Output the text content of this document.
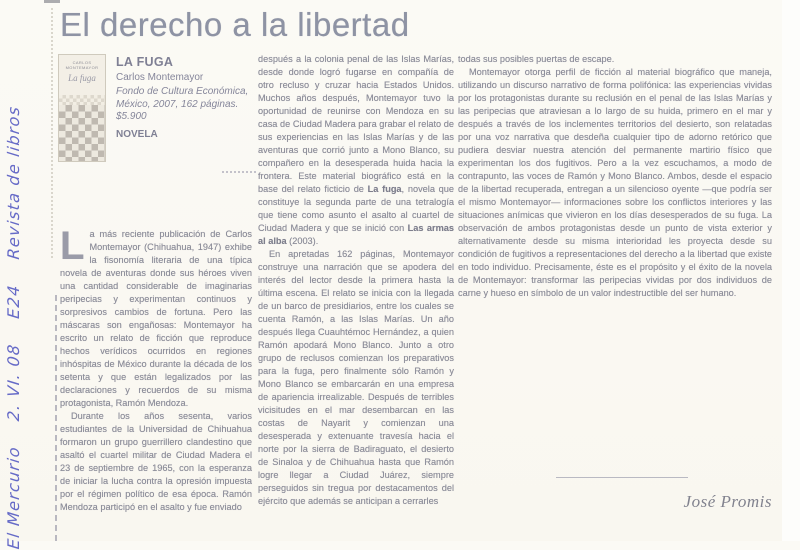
El Mercurio    2. VI. 08    E24    Revista de libros
El derecho a la libertad
CARLOS MONTEMAYOR
La fuga
LA FUGA
Carlos Montemayor
Fondo de Cultura Económica,
México, 2007, 162 páginas.
$5.900
NOVELA

La más reciente publicación de Carlos Montemayor (Chihuahua, 1947) exhibe la fisonomía literaria de una típica novela de aventuras donde sus héroes viven una cantidad considerable de imaginarias peripecias y experimentan continuos y sorpresivos cambios de fortuna. Pero las máscaras son engañosas: Montemayor ha escrito un relato de ficción que reproduce hechos verídicos ocurridos en regiones inhóspitas de México durante la década de los setenta y que están legalizados por las declaraciones y recuerdos de su misma protagonista, Ramón Mendoza.

Durante los años sesenta, varios estudiantes de la Universidad de Chihuahua formaron un grupo guerrillero clandestino que asaltó el cuartel militar de Ciudad Madera el 23 de septiembre de 1965, con la esperanza de iniciar la lucha contra la opresión impuesta por el régimen político de esa época. Ramón Mendoza participó en el asalto y fue enviado

después a la colonia penal de las Islas Marías, desde donde logró fugarse en compañía de otro recluso y cruzar hacia Estados Unidos. Muchos años después, Montemayor tuvo la oportunidad de reunirse con Mendoza en su casa de Ciudad Madera para grabar el relato de sus experiencias en las Islas Marías y de las aventuras que corrió junto a Mono Blanco, su compañero en la desesperada huida hacia la frontera. Este material biográfico está en la base del relato ficticio de La fuga, novela que constituye la segunda parte de una tetralogía que tiene como asunto el asalto al cuartel de Ciudad Madera y que se inició con Las armas al alba (2003).

En apretadas 162 páginas, Montemayor construye una narración que se apodera del interés del lector desde la primera hasta la última escena. El relato se inicia con la llegada de un barco de presidiarios, entre los cuales se cuenta Ramón, a las Islas Marías. Un año después llega Cuauhtémoc Hernández, a quien Ramón apodará Mono Blanco. Junto a otro grupo de reclusos comienzan los preparativos para la fuga, pero finalmente sólo Ramón y Mono Blanco se embarcarán en una empresa de apariencia irrealizable. Después de terribles vicisitudes en el mar desembarcan en las costas de Nayarit y comienzan una desesperada y extenuante travesía hacia el norte por la sierra de Badiraguato, el desierto de Sinaloa y de Chihuahua hasta que Ramón logre llegar a Ciudad Juárez, siempre perseguidos sin tregua por destacamentos del ejército que además se anticipan a cerrarles

todas sus posibles puertas de escape.

Montemayor otorga perfil de ficción al material biográfico que maneja, utilizando un discurso narrativo de forma polifónica: las experiencias vividas por los protagonistas durante su reclusión en el penal de las Islas Marías y las peripecias que atraviesan a lo largo de su huida, primero en el mar y después a través de los inclementes territorios del desierto, son relatadas por una voz narrativa que desdeña cualquier tipo de adorno retórico que pudiera desviar nuestra atención del permanente martirio físico que experimentan los dos fugitivos. Pero a la vez escuchamos, a modo de contrapunto, las voces de Ramón y Mono Blanco. Ambos, desde el espacio de la libertad recuperada, entregan a un silencioso oyente —que podría ser el mismo Montemayor— informaciones sobre los conflictos interiores y las situaciones anímicas que vivieron en los días desesperados de su fuga. La observación de ambos protagonistas desde un punto de vista exterior y alternativamente desde su misma interioridad les proyecta desde su condición de fugitivos a representaciones del derecho a la libertad que existe en todo individuo. Precisamente, éste es el propósito y el éxito de la novela de Montemayor: transformar las peripecias vividas por dos individuos de carne y hueso en símbolo de un valor indestructible del ser humano.

José Promis
